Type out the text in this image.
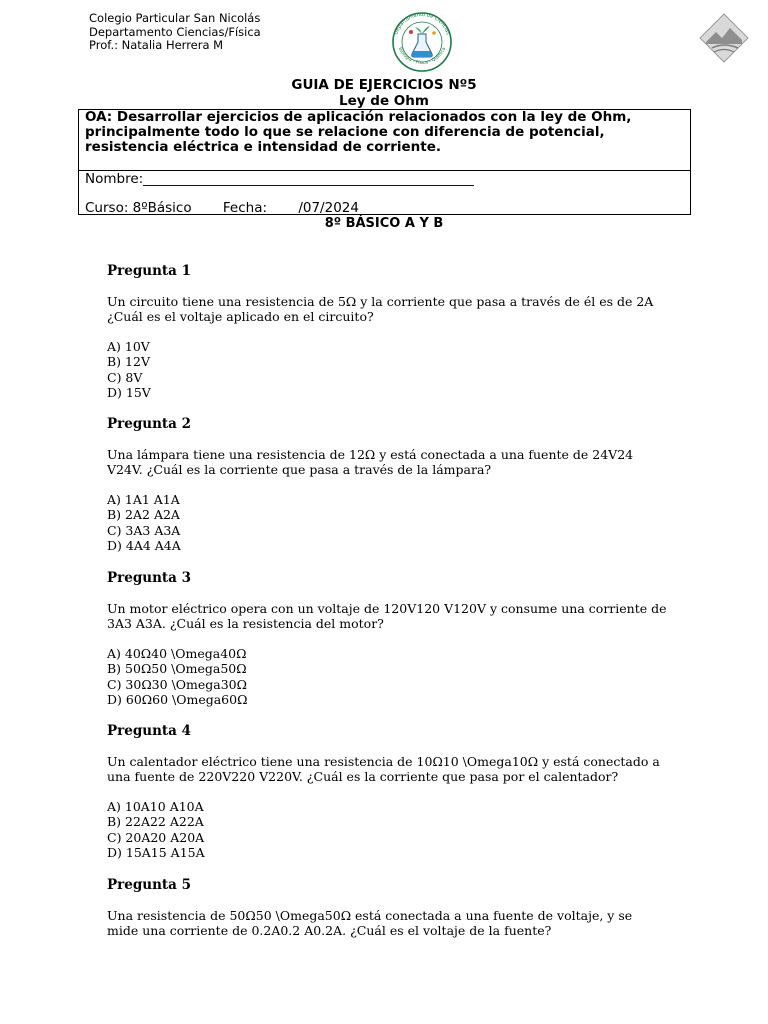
Colegio Particular San Nicolás
Departamento Ciencias/Física
Prof.: Natalia Herrera M
Departamento de Ciencias
Biología - Física - Química
GUIA DE EJERCICIOS Nº5
Ley de Ohm
OA: Desarrollar ejercicios de aplicación relacionados con la ley de Ohm, principalmente todo lo que se relacione con diferencia de potencial, resistencia eléctrica e intensidad de corriente.
Nombre:_________________________________________________
Curso: 8ºBásico____ Fecha: ____/07/2024
8º BÁSICO A Y B
Pregunta 1
Un circuito tiene una resistencia de 5Ω y la corriente que pasa a través de él es de 2A ¿Cuál es el voltaje aplicado en el circuito?
A) 10V
B) 12V
C) 8V
D) 15V
Pregunta 2
Una lámpara tiene una resistencia de 12Ω y está conectada a una fuente de 24V24 V24V. ¿Cuál es la corriente que pasa a través de la lámpara?
A) 1A1 A1A
B) 2A2 A2A
C) 3A3 A3A
D) 4A4 A4A
Pregunta 3
Un motor eléctrico opera con un voltaje de 120V120 V120V y consume una corriente de 3A3 A3A. ¿Cuál es la resistencia del motor?
A) 40Ω40 \Omega40Ω
B) 50Ω50 \Omega50Ω
C) 30Ω30 \Omega30Ω
D) 60Ω60 \Omega60Ω
Pregunta 4
Un calentador eléctrico tiene una resistencia de 10Ω10 \Omega10Ω y está conectado a una fuente de 220V220 V220V. ¿Cuál es la corriente que pasa por el calentador?
A) 10A10 A10A
B) 22A22 A22A
C) 20A20 A20A
D) 15A15 A15A
Pregunta 5
Una resistencia de 50Ω50 \Omega50Ω está conectada a una fuente de voltaje, y se mide una corriente de 0.2A0.2 A0.2A. ¿Cuál es el voltaje de la fuente?
